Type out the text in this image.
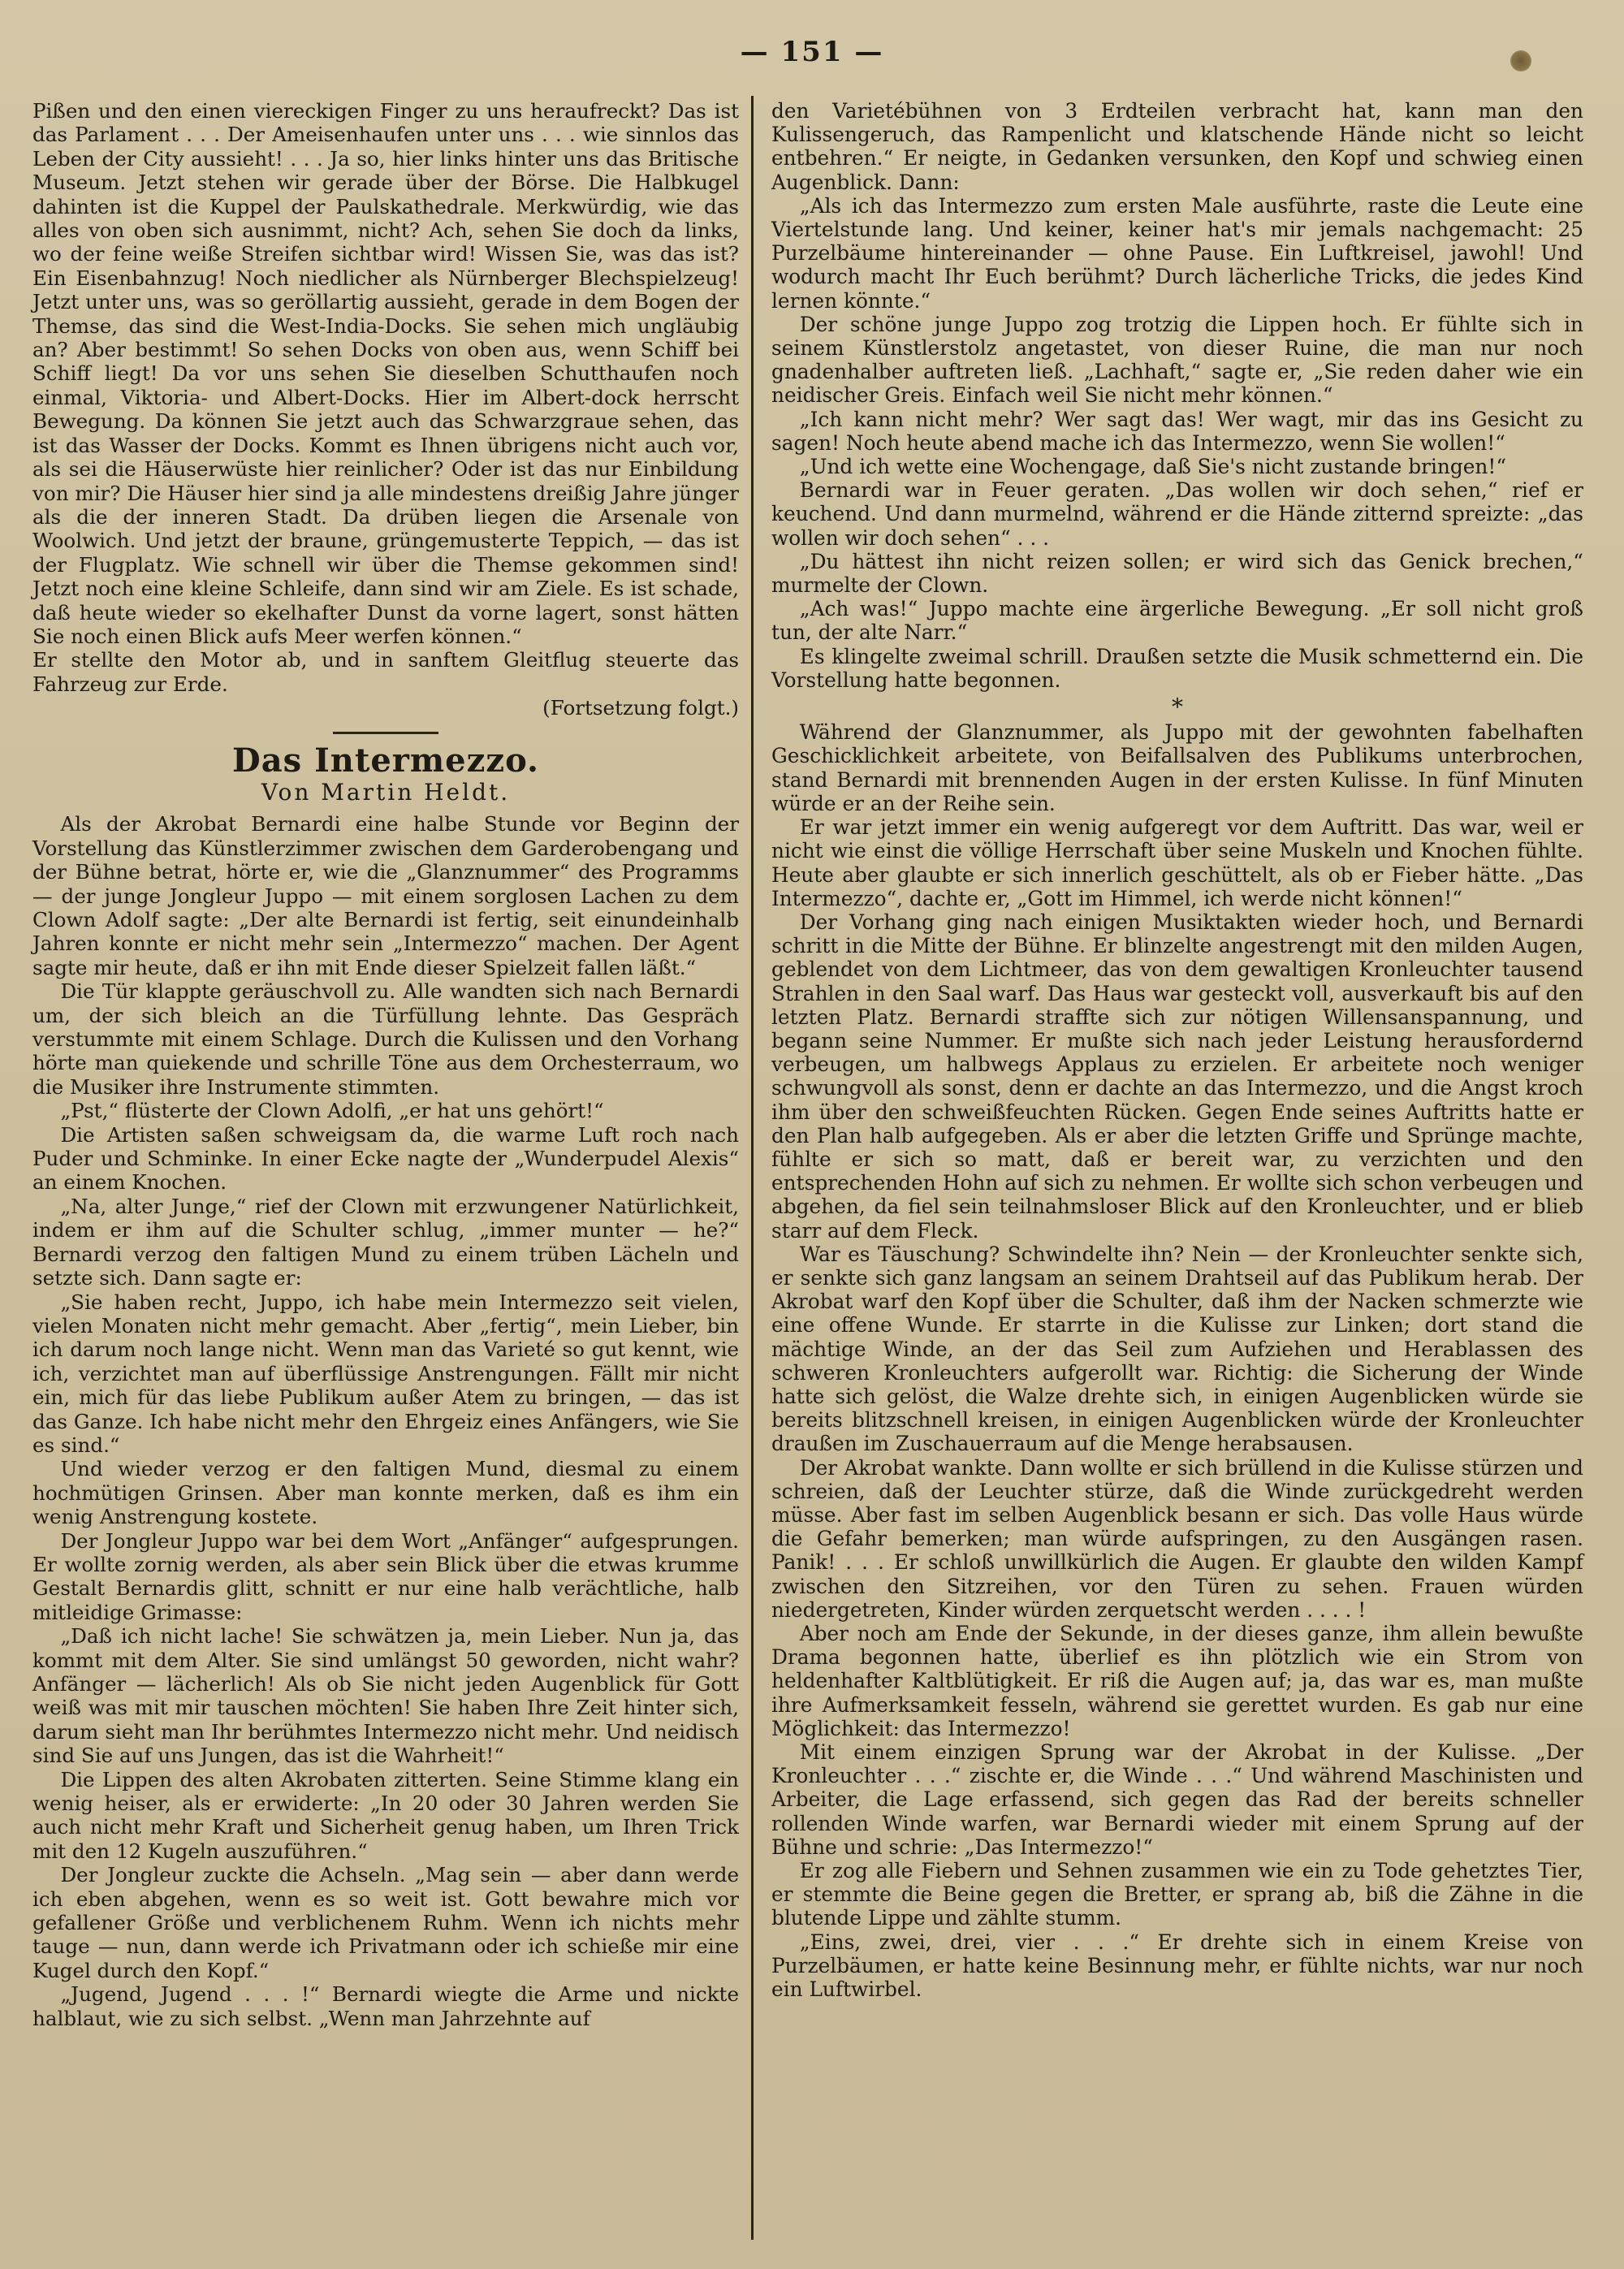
— 151 —

Pißen und den einen viereckigen Finger zu uns heraufreckt? Das ist das Parlament . . . Der Ameisenhaufen unter uns . . . wie sinnlos das Leben der City aussieht! . . . Ja so, hier links hinter uns das Britische Museum. Jetzt stehen wir gerade über der Börse. Die Halbkugel dahinten ist die Kuppel der Paulskathedrale. Merkwürdig, wie das alles von oben sich ausnimmt, nicht? Ach, sehen Sie doch da links, wo der feine weiße Streifen sichtbar wird! Wissen Sie, was das ist? Ein Eisenbahnzug! Noch niedlicher als Nürnberger Blechspielzeug! Jetzt unter uns, was so geröllartig aussieht, gerade in dem Bogen der Themse, das sind die West-India-Docks. Sie sehen mich ungläubig an? Aber bestimmt! So sehen Docks von oben aus, wenn Schiff bei Schiff liegt! Da vor uns sehen Sie dieselben Schutthaufen noch einmal, Viktoria- und Albert-Docks. Hier im Albert-dock herrscht Bewegung. Da können Sie jetzt auch das Schwarzgraue sehen, das ist das Wasser der Docks. Kommt es Ihnen übrigens nicht auch vor, als sei die Häuserwüste hier reinlicher? Oder ist das nur Einbildung von mir? Die Häuser hier sind ja alle mindestens dreißig Jahre jünger als die der inneren Stadt. Da drüben liegen die Arsenale von Woolwich. Und jetzt der braune, grüngemusterte Teppich, — das ist der Flugplatz. Wie schnell wir über die Themse gekommen sind! Jetzt noch eine kleine Schleife, dann sind wir am Ziele. Es ist schade, daß heute wieder so ekelhafter Dunst da vorne lagert, sonst hätten Sie noch einen Blick aufs Meer werfen können.“

Er stellte den Motor ab, und in sanftem Gleitflug steuerte das Fahrzeug zur Erde.

(Fortsetzung folgt.)

Das Intermezzo.
Von Martin Heldt.

Als der Akrobat Bernardi eine halbe Stunde vor Beginn der Vorstellung das Künstlerzimmer zwischen dem Garderobengang und der Bühne betrat, hörte er, wie die „Glanznummer“ des Programms — der junge Jongleur Juppo — mit einem sorglosen Lachen zu dem Clown Adolf sagte: „Der alte Bernardi ist fertig, seit einundeinhalb Jahren konnte er nicht mehr sein „Intermezzo“ machen. Der Agent sagte mir heute, daß er ihn mit Ende dieser Spielzeit fallen läßt.“

Die Tür klappte geräuschvoll zu. Alle wandten sich nach Bernardi um, der sich bleich an die Türfüllung lehnte. Das Gespräch verstummte mit einem Schlage. Durch die Kulissen und den Vorhang hörte man quiekende und schrille Töne aus dem Orchesterraum, wo die Musiker ihre Instrumente stimmten.

„Pst,“ flüsterte der Clown Adolfi, „er hat uns gehört!“

Die Artisten saßen schweigsam da, die warme Luft roch nach Puder und Schminke. In einer Ecke nagte der „Wunderpudel Alexis“ an einem Knochen.

„Na, alter Junge,“ rief der Clown mit erzwungener Natürlichkeit, indem er ihm auf die Schulter schlug, „immer munter — he?“ Bernardi verzog den faltigen Mund zu einem trüben Lächeln und setzte sich. Dann sagte er:

„Sie haben recht, Juppo, ich habe mein Intermezzo seit vielen, vielen Monaten nicht mehr gemacht. Aber „fertig“, mein Lieber, bin ich darum noch lange nicht. Wenn man das Varieté so gut kennt, wie ich, verzichtet man auf überflüssige Anstrengungen. Fällt mir nicht ein, mich für das liebe Publikum außer Atem zu bringen, — das ist das Ganze. Ich habe nicht mehr den Ehrgeiz eines Anfängers, wie Sie es sind.“

Und wieder verzog er den faltigen Mund, diesmal zu einem hochmütigen Grinsen. Aber man konnte merken, daß es ihm ein wenig Anstrengung kostete.

Der Jongleur Juppo war bei dem Wort „Anfänger“ aufgesprungen. Er wollte zornig werden, als aber sein Blick über die etwas krumme Gestalt Bernardis glitt, schnitt er nur eine halb verächtliche, halb mitleidige Grimasse:

„Daß ich nicht lache! Sie schwätzen ja, mein Lieber. Nun ja, das kommt mit dem Alter. Sie sind umlängst 50 geworden, nicht wahr? Anfänger — lächerlich! Als ob Sie nicht jeden Augenblick für Gott weiß was mit mir tauschen möchten! Sie haben Ihre Zeit hinter sich, darum sieht man Ihr berühmtes Intermezzo nicht mehr. Und neidisch sind Sie auf uns Jungen, das ist die Wahrheit!“

Die Lippen des alten Akrobaten zitterten. Seine Stimme klang ein wenig heiser, als er erwiderte: „In 20 oder 30 Jahren werden Sie auch nicht mehr Kraft und Sicherheit genug haben, um Ihren Trick mit den 12 Kugeln auszuführen.“

Der Jongleur zuckte die Achseln. „Mag sein — aber dann werde ich eben abgehen, wenn es so weit ist. Gott bewahre mich vor gefallener Größe und verblichenem Ruhm. Wenn ich nichts mehr tauge — nun, dann werde ich Privatmann oder ich schieße mir eine Kugel durch den Kopf.“

„Jugend, Jugend . . . !“ Bernardi wiegte die Arme und nickte halblaut, wie zu sich selbst. „Wenn man Jahrzehnte auf

den Varietébühnen von 3 Erdteilen verbracht hat, kann man den Kulissengeruch, das Rampenlicht und klatschende Hände nicht so leicht entbehren.“ Er neigte, in Gedanken versunken, den Kopf und schwieg einen Augenblick. Dann:

„Als ich das Intermezzo zum ersten Male ausführte, raste die Leute eine Viertelstunde lang. Und keiner, keiner hat's mir jemals nachgemacht: 25 Purzelbäume hintereinander — ohne Pause. Ein Luftkreisel, jawohl! Und wodurch macht Ihr Euch berühmt? Durch lächerliche Tricks, die jedes Kind lernen könnte.“

Der schöne junge Juppo zog trotzig die Lippen hoch. Er fühlte sich in seinem Künstlerstolz angetastet, von dieser Ruine, die man nur noch gnadenhalber auftreten ließ. „Lachhaft,“ sagte er, „Sie reden daher wie ein neidischer Greis. Einfach weil Sie nicht mehr können.“

„Ich kann nicht mehr? Wer sagt das! Wer wagt, mir das ins Gesicht zu sagen! Noch heute abend mache ich das Intermezzo, wenn Sie wollen!“

„Und ich wette eine Wochengage, daß Sie's nicht zustande bringen!“

Bernardi war in Feuer geraten. „Das wollen wir doch sehen,“ rief er keuchend. Und dann murmelnd, während er die Hände zitternd spreizte: „das wollen wir doch sehen“ . . .

„Du hättest ihn nicht reizen sollen; er wird sich das Genick brechen,“ murmelte der Clown.

„Ach was!“ Juppo machte eine ärgerliche Bewegung. „Er soll nicht groß tun, der alte Narr.“

Es klingelte zweimal schrill. Draußen setzte die Musik schmetternd ein. Die Vorstellung hatte begonnen.

*

Während der Glanznummer, als Juppo mit der gewohnten fabelhaften Geschicklichkeit arbeitete, von Beifallsalven des Publikums unterbrochen, stand Bernardi mit brennenden Augen in der ersten Kulisse. In fünf Minuten würde er an der Reihe sein.

Er war jetzt immer ein wenig aufgeregt vor dem Auftritt. Das war, weil er nicht wie einst die völlige Herrschaft über seine Muskeln und Knochen fühlte. Heute aber glaubte er sich innerlich geschüttelt, als ob er Fieber hätte. „Das Intermezzo“, dachte er, „Gott im Himmel, ich werde nicht können!“

Der Vorhang ging nach einigen Musiktakten wieder hoch, und Bernardi schritt in die Mitte der Bühne. Er blinzelte angestrengt mit den milden Augen, geblendet von dem Lichtmeer, das von dem gewaltigen Kronleuchter tausend Strahlen in den Saal warf. Das Haus war gesteckt voll, ausverkauft bis auf den letzten Platz. Bernardi straffte sich zur nötigen Willensanspannung, und begann seine Nummer. Er mußte sich nach jeder Leistung herausfordernd verbeugen, um halbwegs Applaus zu erzielen. Er arbeitete noch weniger schwungvoll als sonst, denn er dachte an das Intermezzo, und die Angst kroch ihm über den schweißfeuchten Rücken. Gegen Ende seines Auftritts hatte er den Plan halb aufgegeben. Als er aber die letzten Griffe und Sprünge machte, fühlte er sich so matt, daß er bereit war, zu verzichten und den entsprechenden Hohn auf sich zu nehmen. Er wollte sich schon verbeugen und abgehen, da fiel sein teilnahmsloser Blick auf den Kronleuchter, und er blieb starr auf dem Fleck.

War es Täuschung? Schwindelte ihn? Nein — der Kronleuchter senkte sich, er senkte sich ganz langsam an seinem Drahtseil auf das Publikum herab. Der Akrobat warf den Kopf über die Schulter, daß ihm der Nacken schmerzte wie eine offene Wunde. Er starrte in die Kulisse zur Linken; dort stand die mächtige Winde, an der das Seil zum Aufziehen und Herablassen des schweren Kronleuchters aufgerollt war. Richtig: die Sicherung der Winde hatte sich gelöst, die Walze drehte sich, in einigen Augenblicken würde sie bereits blitzschnell kreisen, in einigen Augenblicken würde der Kronleuchter draußen im Zuschauerraum auf die Menge herabsausen.

Der Akrobat wankte. Dann wollte er sich brüllend in die Kulisse stürzen und schreien, daß der Leuchter stürze, daß die Winde zurückgedreht werden müsse. Aber fast im selben Augenblick besann er sich. Das volle Haus würde die Gefahr bemerken; man würde aufspringen, zu den Ausgängen rasen. Panik! . . . Er schloß unwillkürlich die Augen. Er glaubte den wilden Kampf zwischen den Sitzreihen, vor den Türen zu sehen. Frauen würden niedergetreten, Kinder würden zerquetscht werden . . . . !

Aber noch am Ende der Sekunde, in der dieses ganze, ihm allein bewußte Drama begonnen hatte, überlief es ihn plötzlich wie ein Strom von heldenhafter Kaltblütigkeit. Er riß die Augen auf; ja, das war es, man mußte ihre Aufmerksamkeit fesseln, während sie gerettet wurden. Es gab nur eine Möglichkeit: das Intermezzo!

Mit einem einzigen Sprung war der Akrobat in der Kulisse. „Der Kronleuchter . . .“ zischte er, die Winde . . .“ Und während Maschinisten und Arbeiter, die Lage erfassend, sich gegen das Rad der bereits schneller rollenden Winde warfen, war Bernardi wieder mit einem Sprung auf der Bühne und schrie: „Das Intermezzo!“

Er zog alle Fiebern und Sehnen zusammen wie ein zu Tode gehetztes Tier, er stemmte die Beine gegen die Bretter, er sprang ab, biß die Zähne in die blutende Lippe und zählte stumm.

„Eins, zwei, drei, vier . . .“ Er drehte sich in einem Kreise von Purzelbäumen, er hatte keine Besinnung mehr, er fühlte nichts, war nur noch ein Luftwirbel.
